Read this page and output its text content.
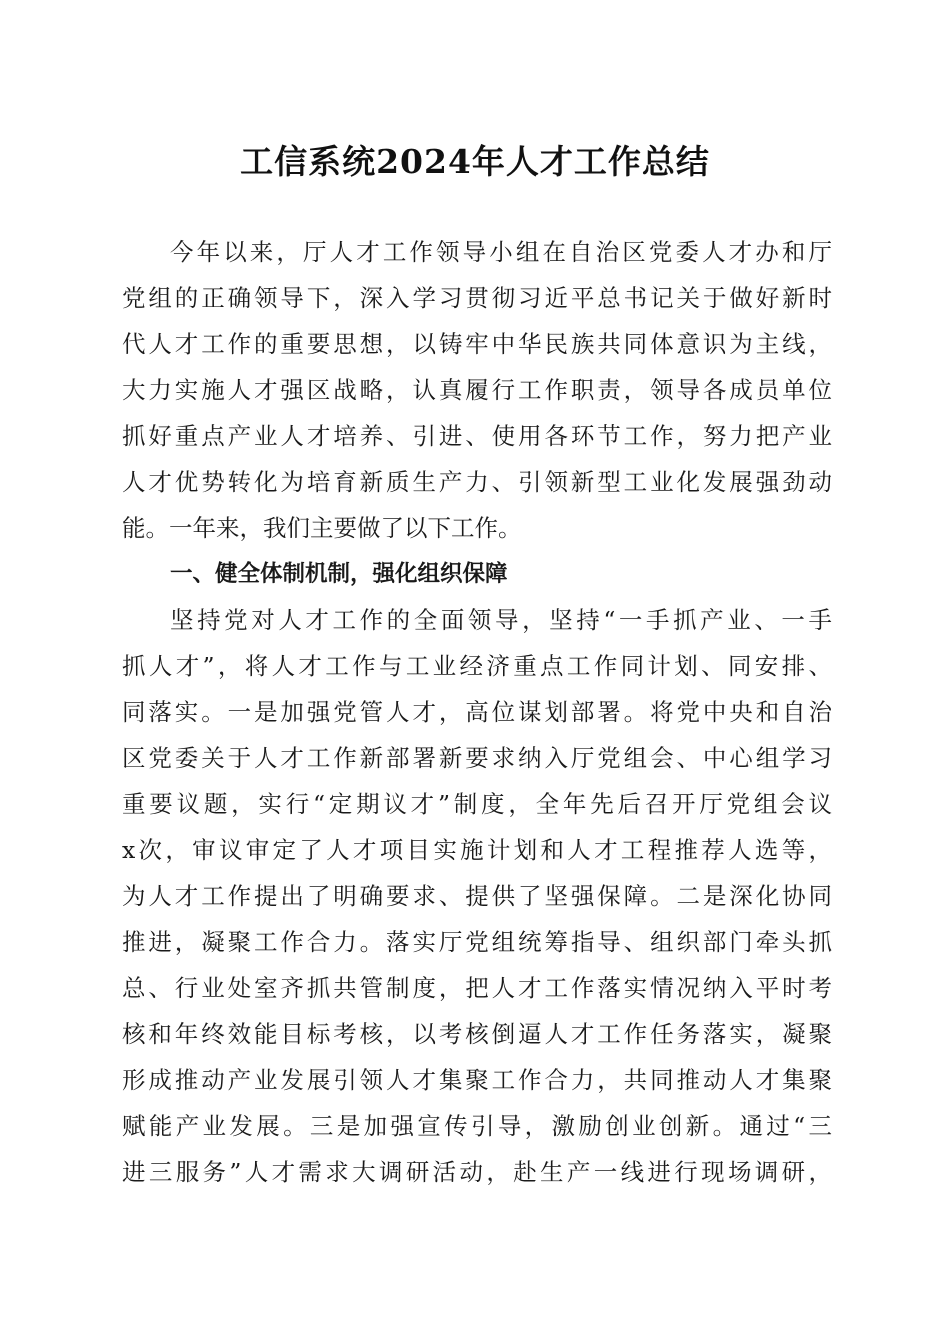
工信系统2024年人才工作总结
今年以来，厅人才工作领导小组在自治区党委人才办和厅
党组的正确领导下，深入学习贯彻习近平总书记关于做好新时
代人才工作的重要思想，以铸牢中华民族共同体意识为主线，
大力实施人才强区战略，认真履行工作职责，领导各成员单位
抓好重点产业人才培养、引进、使用各环节工作，努力把产业
人才优势转化为培育新质生产力、引领新型工业化发展强劲动
能。一年来，我们主要做了以下工作。
一、健全体制机制，强化组织保障
坚持党对人才工作的全面领导，坚持“一手抓产业、一手
抓人才”，将人才工作与工业经济重点工作同计划、同安排、
同落实。一是加强党管人才，高位谋划部署。将党中央和自治
区党委关于人才工作新部署新要求纳入厅党组会、中心组学习
重要议题，实行“定期议才”制度，全年先后召开厅党组会议
x次，审议审定了人才项目实施计划和人才工程推荐人选等，
为人才工作提出了明确要求、提供了坚强保障。二是深化协同
推进，凝聚工作合力。落实厅党组统筹指导、组织部门牵头抓
总、行业处室齐抓共管制度，把人才工作落实情况纳入平时考
核和年终效能目标考核，以考核倒逼人才工作任务落实，凝聚
形成推动产业发展引领人才集聚工作合力，共同推动人才集聚
赋能产业发展。三是加强宣传引导，激励创业创新。通过“三
进三服务”人才需求大调研活动，赴生产一线进行现场调研，
